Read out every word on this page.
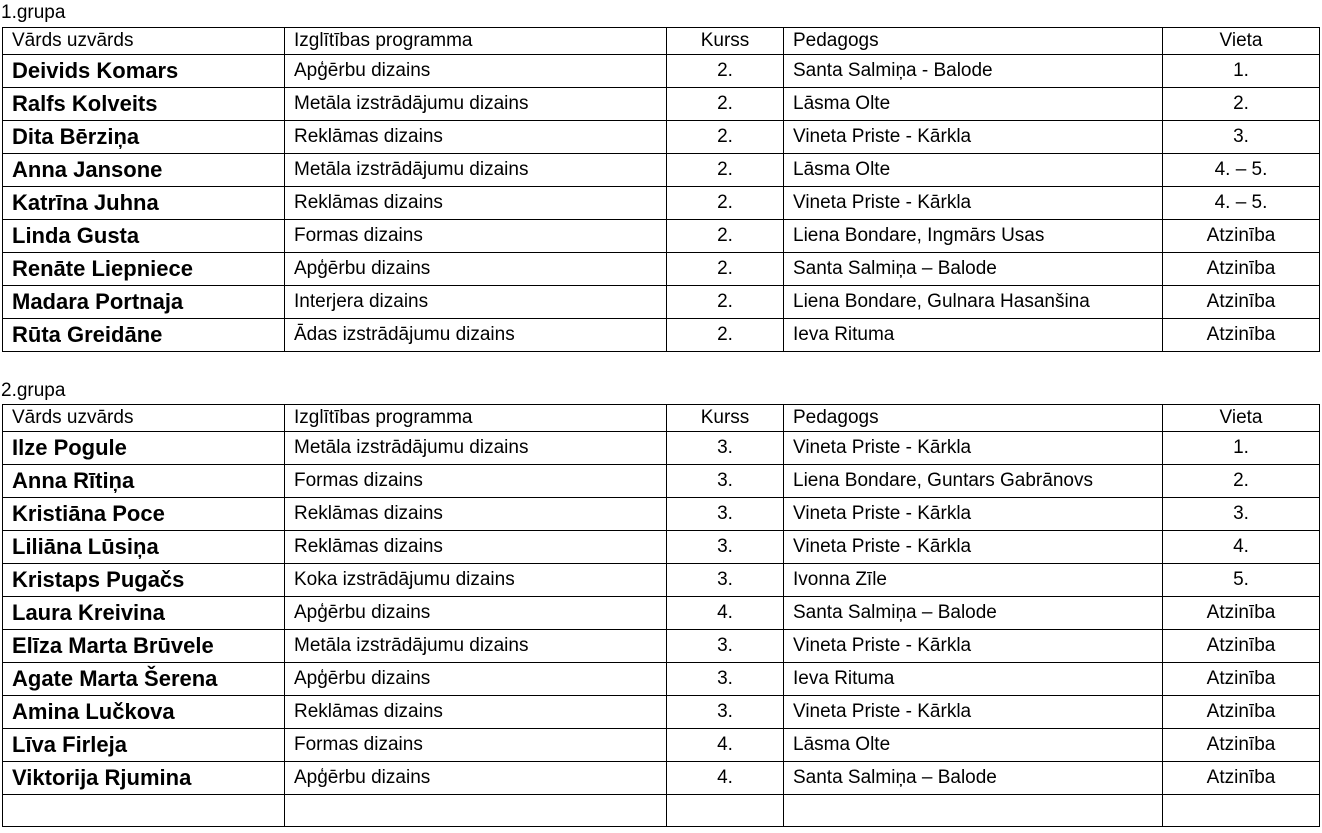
1.grupa
Vārds uzvārds	Izglītības programma	Kurss	Pedagogs	Vieta
Deivids Komars	Apģērbu dizains	2.	Santa Salmiņa - Balode	1.
Ralfs Kolveits	Metāla izstrādājumu dizains	2.	Lāsma Olte	2.
Dita Bērziņa	Reklāmas dizains	2.	Vineta Priste - Kārkla	3.
Anna Jansone	Metāla izstrādājumu dizains	2.	Lāsma Olte	4. – 5.
Katrīna Juhna	Reklāmas dizains	2.	Vineta Priste - Kārkla	4. – 5.
Linda Gusta	Formas dizains	2.	Liena Bondare, Ingmārs Usas	Atzinība
Renāte Liepniece	Apģērbu dizains	2.	Santa Salmiņa – Balode	Atzinība
Madara Portnaja	Interjera dizains	2.	Liena Bondare, Gulnara Hasanšina	Atzinība
Rūta Greidāne	Ādas izstrādājumu dizains	2.	Ieva Rituma	Atzinība
2.grupa
Vārds uzvārds	Izglītības programma	Kurss	Pedagogs	Vieta
Ilze Pogule	Metāla izstrādājumu dizains	3.	Vineta Priste - Kārkla	1.
Anna Rītiņa	Formas dizains	3.	Liena Bondare, Guntars Gabrānovs	2.
Kristiāna Poce	Reklāmas dizains	3.	Vineta Priste - Kārkla	3.
Liliāna Lūsiņa	Reklāmas dizains	3.	Vineta Priste - Kārkla	4.
Kristaps Pugačs	Koka izstrādājumu dizains	3.	Ivonna Zīle	5.
Laura Kreivina	Apģērbu dizains	4.	Santa Salmiņa – Balode	Atzinība
Elīza Marta Brūvele	Metāla izstrādājumu dizains	3.	Vineta Priste - Kārkla	Atzinība
Agate Marta Šerena	Apģērbu dizains	3.	Ieva Rituma	Atzinība
Amina Lučkova	Reklāmas dizains	3.	Vineta Priste - Kārkla	Atzinība
Līva Firleja	Formas dizains	4.	Lāsma Olte	Atzinība
Viktorija Rjumina	Apģērbu dizains	4.	Santa Salmiņa – Balode	Atzinība
